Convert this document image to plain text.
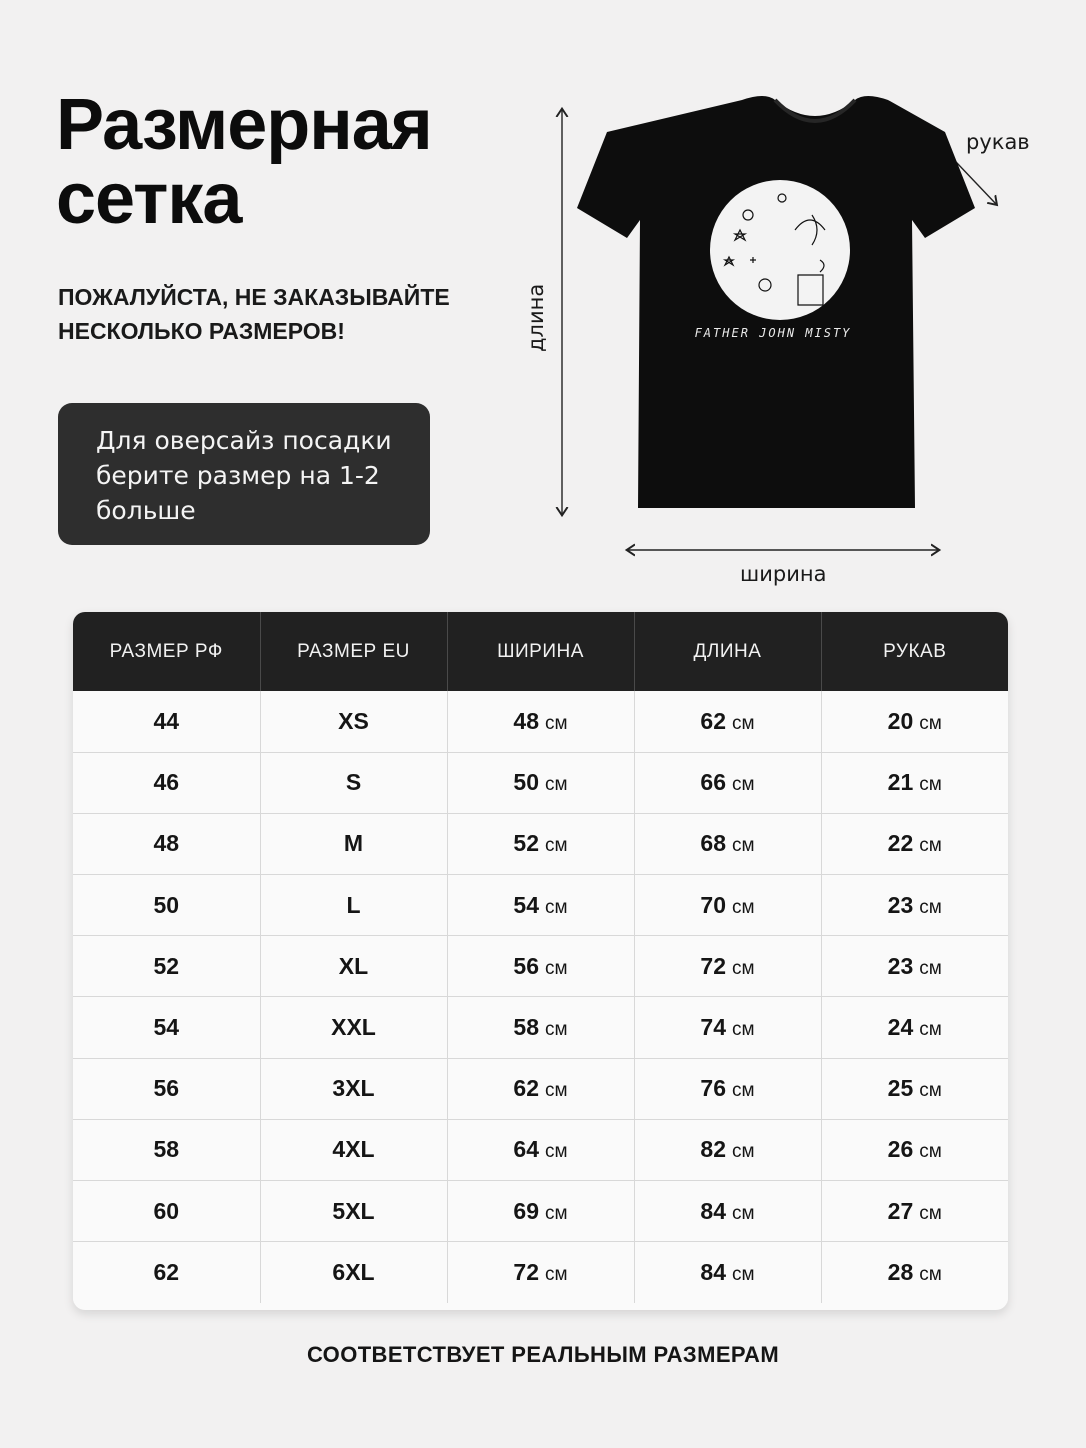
Размерная
сетка
ПОЖАЛУЙСТА, НЕ ЗАКАЗЫВАЙТЕ
НЕСКОЛЬКО РАЗМЕРОВ!
Для оверсайз посадки берите размер на 1-2 больше
FATHER JOHN MISTY
рукав
длина
ширина
РАЗМЕР РФ	РАЗМЕР EU	ШИРИНА	ДЛИНА	РУКАВ
44	XS	48 см	62 см	20 см
46	S	50 см	66 см	21 см
48	M	52 см	68 см	22 см
50	L	54 см	70 см	23 см
52	XL	56 см	72 см	23 см
54	XXL	58 см	74 см	24 см
56	3XL	62 см	76 см	25 см
58	4XL	64 см	82 см	26 см
60	5XL	69 см	84 см	27 см
62	6XL	72 см	84 см	28 см
СООТВЕТСТВУЕТ РЕАЛЬНЫМ РАЗМЕРАМ
